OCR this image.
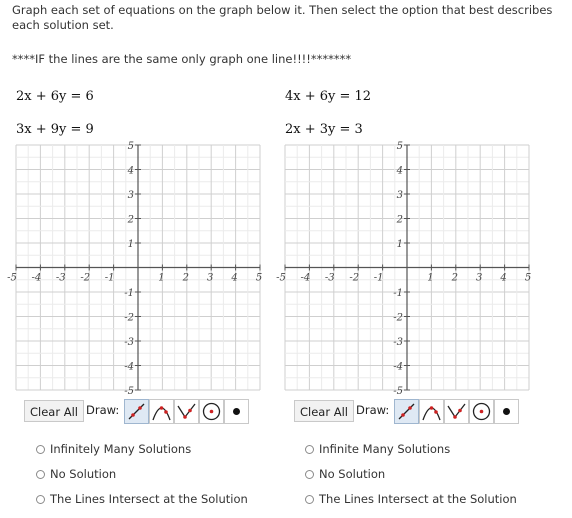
Graph each set of equations on the graph below it. Then select the option that best describes each solution set.
****IF the lines are the same only graph one line!!!!*******
2x + 6y = 6
3x + 9y = 9
-5 -4 -3 -2 -1	1 2 3 4 5
5
4
3
2
1
-1
-2
-3
-4
-5
Clear All Draw:
Infinitely Many Solutions
No Solution
The Lines Intersect at the Solution
4x + 6y = 12
2x + 3y = 3
-5 -4 -3 -2 -1	1 2 3 4 5
5
4
3
2
1
-1
-2
-3
-4
-5
Clear All Draw:
Infinite Many Solutions
No Solution
The Lines Intersect at the Solution
